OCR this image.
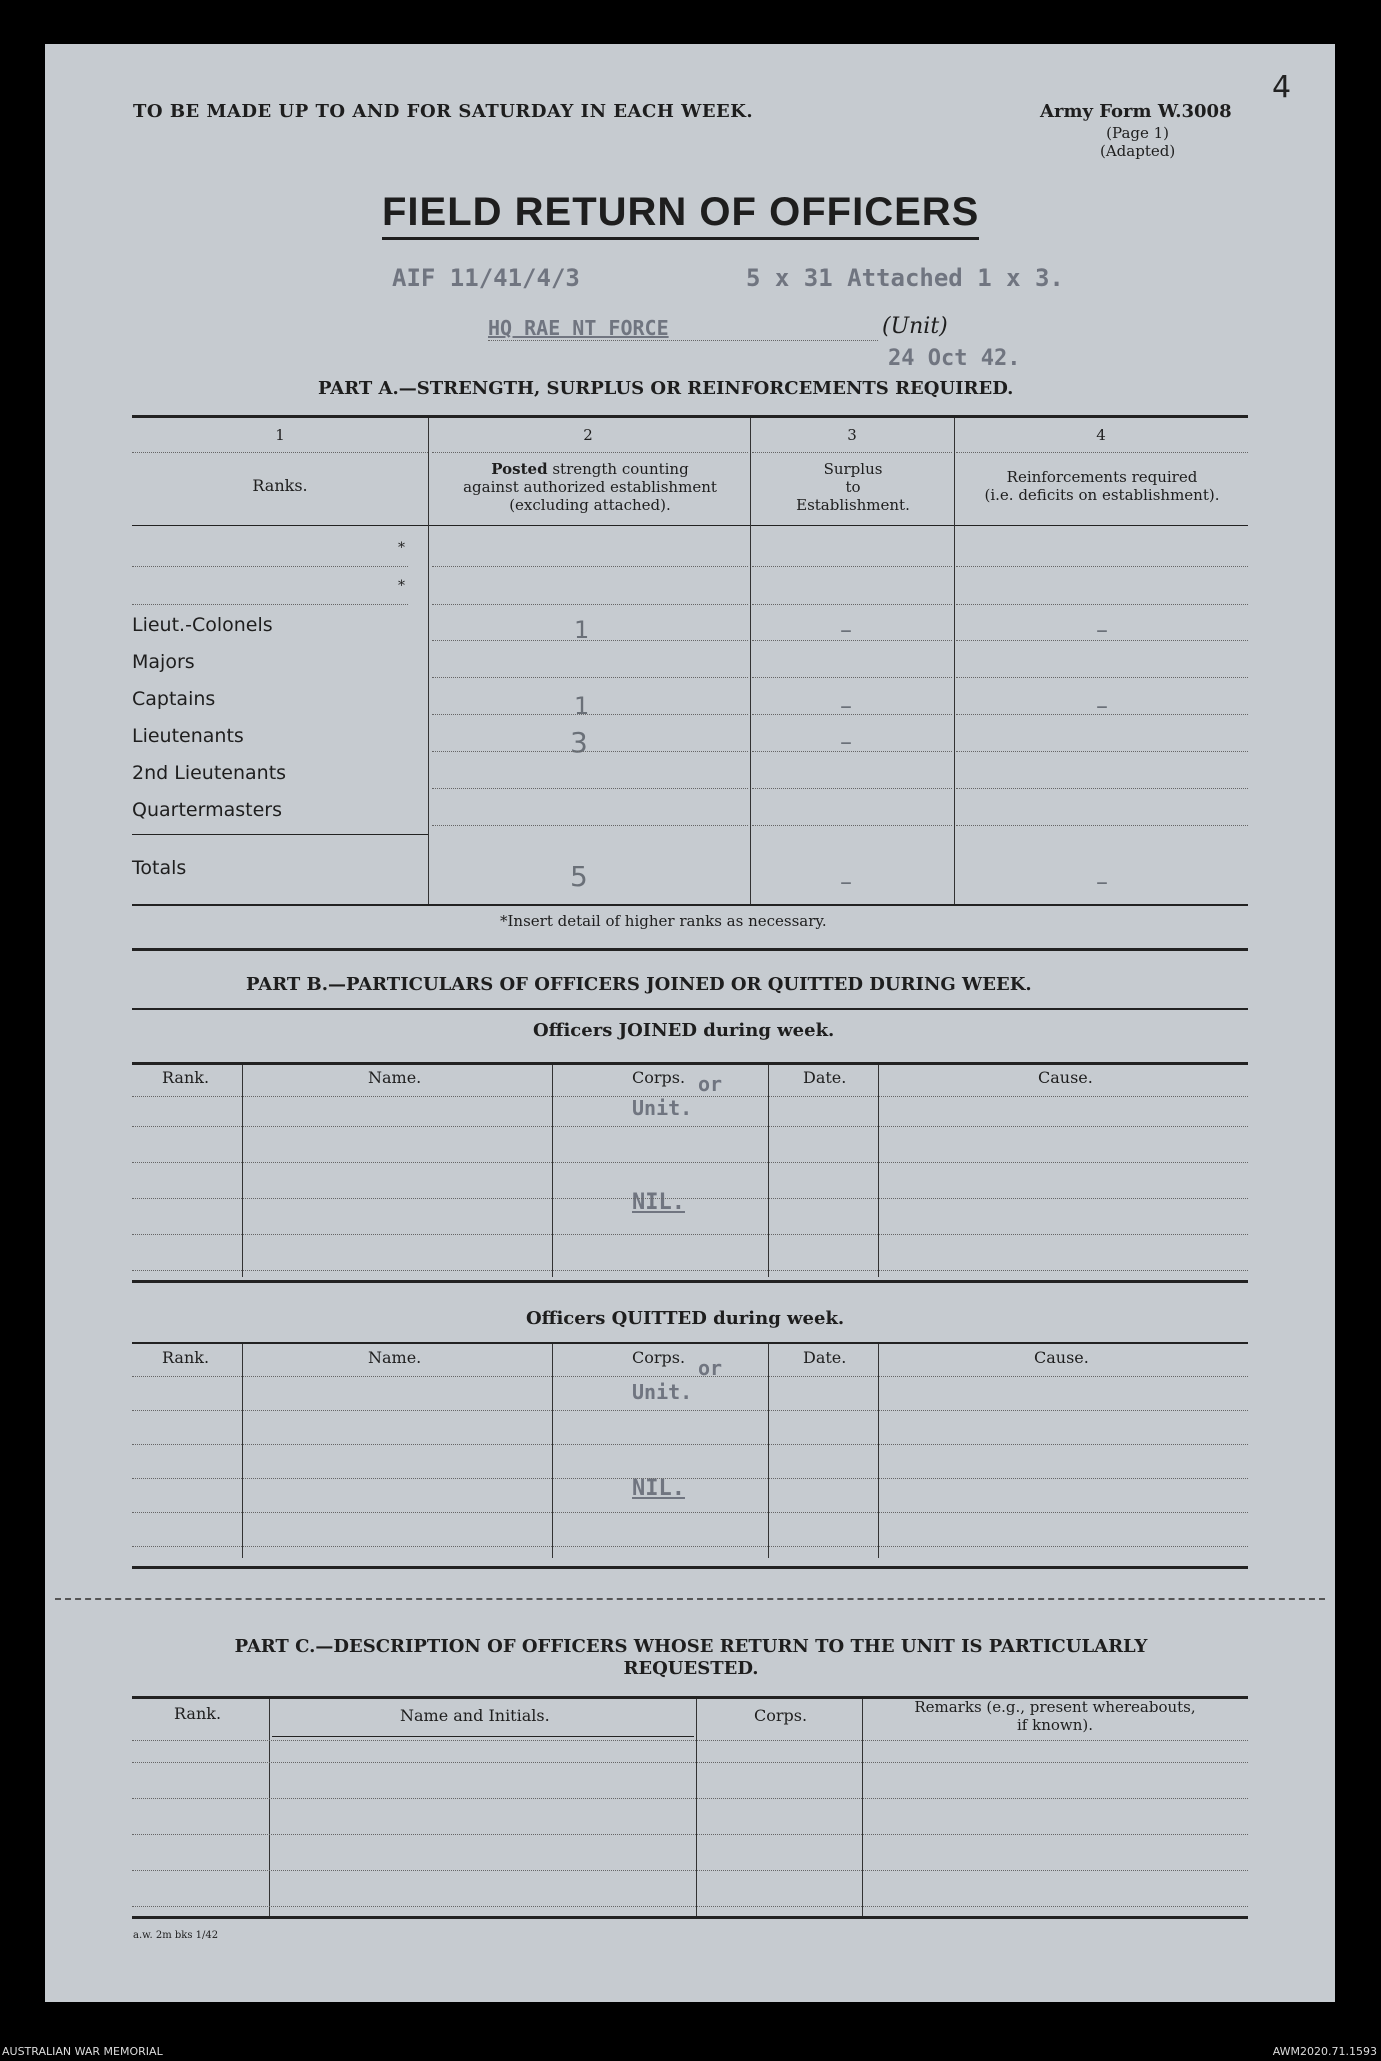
TO BE MADE UP TO AND FOR SATURDAY IN EACH WEEK.	Army Form W.3008
(Page 1)
(Adapted)
4
FIELD RETURN OF OFFICERS
AIF 11/41/4/3	5 x 31 Attached 1 x 3.
HQ RAE NT FORCE	(Unit)
24 Oct 42.
PART A.—STRENGTH, SURPLUS OR REINFORCEMENTS REQUIRED.
1	2	3	4
Ranks.
Posted strength counting
against authorized establishment
(excluding attached).
Surplus
to
Establishment.
Reinforcements required
(i.e. deficits on establishment).
*
*
Lieut.-Colonels	1	–	–
Majors
Captains	1	–	–
Lieutenants	3	–
2nd Lieutenants
Quartermasters
Totals	5	–	–
*Insert detail of higher ranks as necessary.
PART B.—PARTICULARS OF OFFICERS JOINED OR QUITTED DURING WEEK.
Officers JOINED during week.
Rank.	Name.	Corps.	Date.	Cause.
or
Unit.
NIL.
Officers QUITTED during week.
Rank.	Name.	Corps.	Date.	Cause.
or
Unit.
NIL.
PART C.—DESCRIPTION OF OFFICERS WHOSE RETURN TO THE UNIT IS PARTICULARLY
REQUESTED.
Rank.	Name and Initials.	Corps.	Remarks (e.g., present whereabouts,
if known).
a.w. 2m bks 1/42
AUSTRALIAN WAR MEMORIAL	AWM2020.71.1593
